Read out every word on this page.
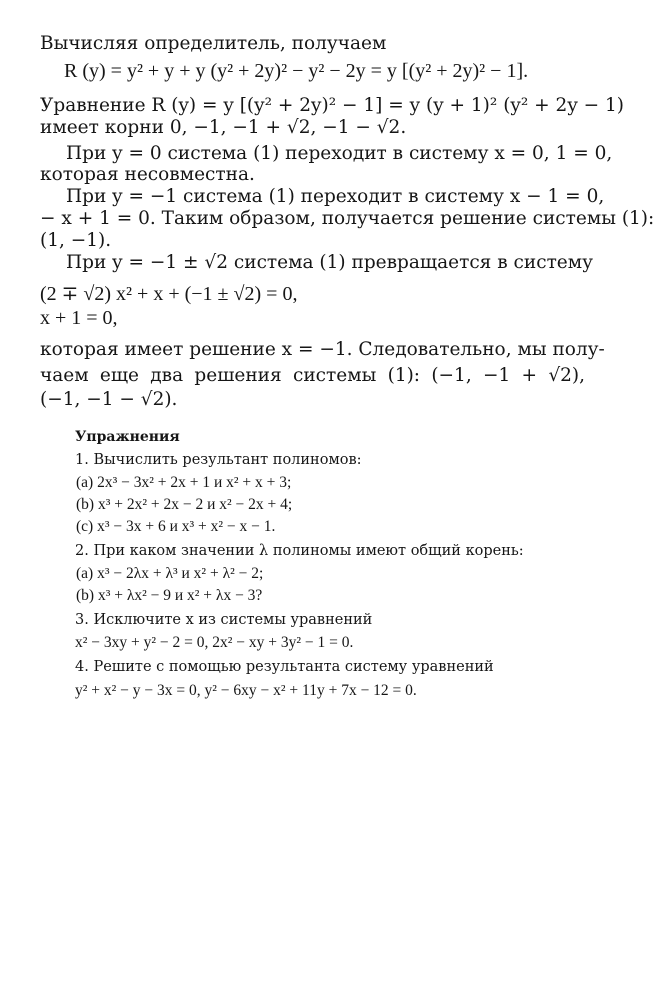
Вычисляя определитель, получаем
R (y) = y² + y + y (y² + 2y)² − y² − 2y = y [(y² + 2y)² − 1].
Уравнение R (y) = y [(y² + 2y)² − 1] = y (y + 1)² (y² + 2y − 1)
имеет корни 0, −1, −1 + √2, −1 − √2.
При y = 0 система (1) переходит в систему x = 0, 1 = 0,
которая несовместна.
При y = −1 система (1) переходит в систему x − 1 = 0,
− x + 1 = 0. Таким образом, получается решение системы (1):
(1, −1).
При y = −1 ± √2 система (1) превращается в систему
(2 ∓ √2) x² + x + (−1 ± √2) = 0,
x + 1 = 0,
которая имеет решение x = −1. Следовательно, мы полу-
чаем еще два решения системы (1): (−1, −1 + √2),
(−1, −1 − √2).
Упражнения
1. Вычислить результант полиномов:
(a) 2x³ − 3x² + 2x + 1 и x² + x + 3;
(b) x³ + 2x² + 2x − 2 и x² − 2x + 4;
(c) x³ − 3x + 6 и x³ + x² − x − 1.
2. При каком значении λ полиномы имеют общий корень:
(a) x³ − 2λx + λ³ и x² + λ² − 2;
(b) x³ + λx² − 9 и x² + λx − 3?
3. Исключите x из системы уравнений
x² − 3xy + y² − 2 = 0, 2x² − xy + 3y² − 1 = 0.
4. Решите с помощью результанта систему уравнений
y² + x² − y − 3x = 0, y² − 6xy − x² + 11y + 7x − 12 = 0.
